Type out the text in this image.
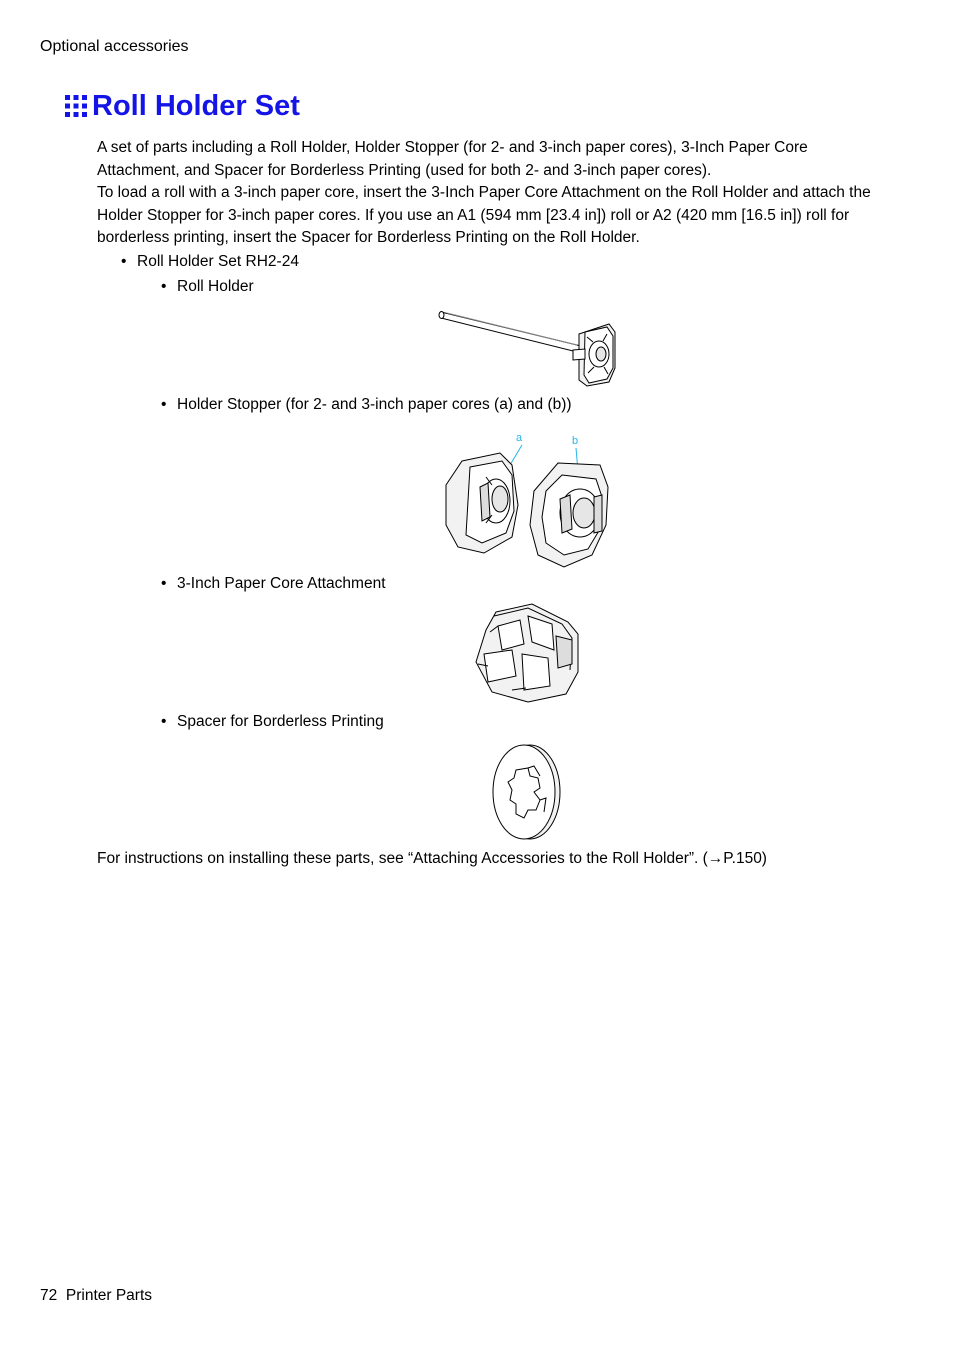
Optional accessories
Roll Holder Set
A set of parts including a Roll Holder, Holder Stopper (for 2- and 3-inch paper cores), 3-Inch Paper Core Attachment, and Spacer for Borderless Printing (used for both 2- and 3-inch paper cores).
To load a roll with a 3-inch paper core, insert the 3-Inch Paper Core Attachment on the Roll Holder and attach the Holder Stopper for 3-inch paper cores. If you use an A1 (594 mm [23.4 in]) roll or A2 (420 mm [16.5 in]) roll for borderless printing, insert the Spacer for Borderless Printing on the Roll Holder.
• Roll Holder Set RH2-24
• Roll Holder
• Holder Stopper (for 2- and 3-inch paper cores (a) and (b))
a	b
• 3-Inch Paper Core Attachment
• Spacer for Borderless Printing
For instructions on installing these parts, see “Attaching Accessories to the Roll Holder”. (→P.150)
72 Printer Parts
